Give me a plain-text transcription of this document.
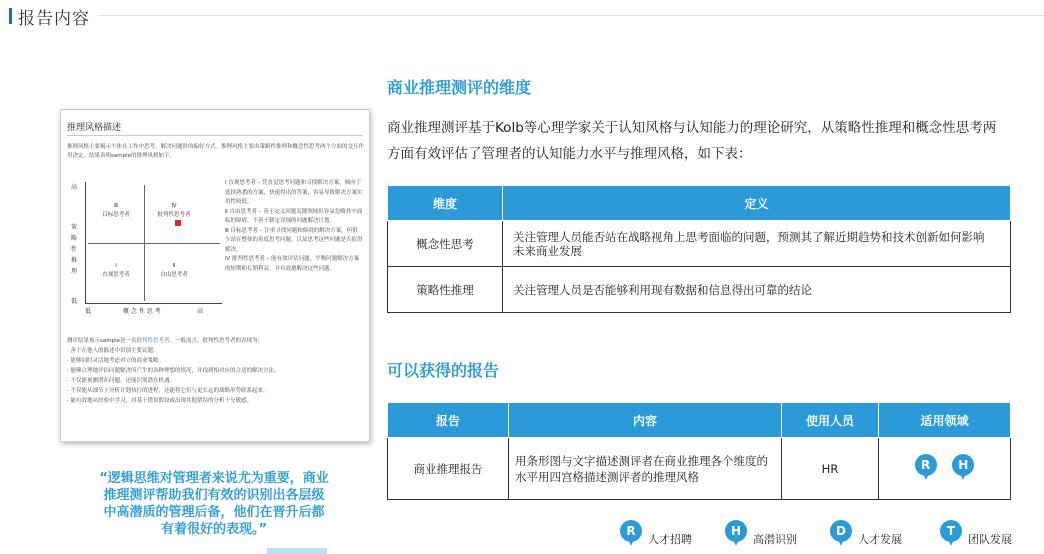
报告内容
推理风格描述
推理风格主要揭示个体在工作中思考、解决问题时的偏好方式。推理风格主要由策略性推理和概念性思考两个方面的交互作用决定。结果表明sample的推理风格如下。
高
策
略
性
推
理
低
Ⅲ
目标思考者
Ⅳ
批判性思考者
Ⅰ
直观思考者
Ⅱ
自由思考者
低	概 念 性 思 考	高
Ⅰ 直观思考者 – 凭直觉思考问题和寻找解决方案，倾向于选择熟悉的方案，快速得出的答案，容易导致解决方案实用性较低。
Ⅱ 自由思考者 – 善于定义问题关键领域但容易忽略其中面临的障碍，不善于制定详细的问题解决计划。
Ⅲ 目标思考者 – 注重寻找问题和障碍的解决方案，但很少站在整体的角度思考问题，以及思考这些问题是否值得解决。
Ⅳ 批判性思考者 – 能有效评估问题，平衡问题解决方案的短期和长期利益，并有效地解决这些问题。
测评结果预示sample是一名批判性思考者。一般而言，批判性思考者的表现为：
· 善于在他人的陈述中识别主要议题。
· 能够同时灵活地考虑对立的商业策略。
· 能够合理地评估问题解决所产生的各种理想的情况，并找到相对应的合适的解决方法。
· 不仅能预测潜在问题，还能识别潜在机遇。
· 不仅能从细节上分析计划执行的进程，还能将它们与更长远的战略形势联系起来。
· 能有效地从经验中学习，对基于错误假设或出现其他错误的分析十分敏感。
“逻辑思维对管理者来说尤为重要，商业推理测评帮助我们有效的识别出各层级中高潜质的管理后备，他们在晋升后都有着很好的表现。”
商业推理测评的维度
商业推理测评基于Kolb等心理学家关于认知风格与认知能力的理论研究，从策略性推理和概念性思考两方面有效评估了管理者的认知能力水平与推理风格，如下表：
维度	定义
概念性思考	关注管理人员能否站在战略视角上思考面临的问题，预测其了解近期趋势和技术创新如何影响未来商业发展
策略性推理	关注管理人员是否能够利用现有数据和信息得出可靠的结论
可以获得的报告
报告	内容	使用人员	适用领域
商业推理报告	用条形图与文字描述测评者在商业推理各个维度的水平用四宫格描述测评者的推理风格	HR	R
H
R
人才招聘
H
高潜识别
D
人才发展
T
团队发展
